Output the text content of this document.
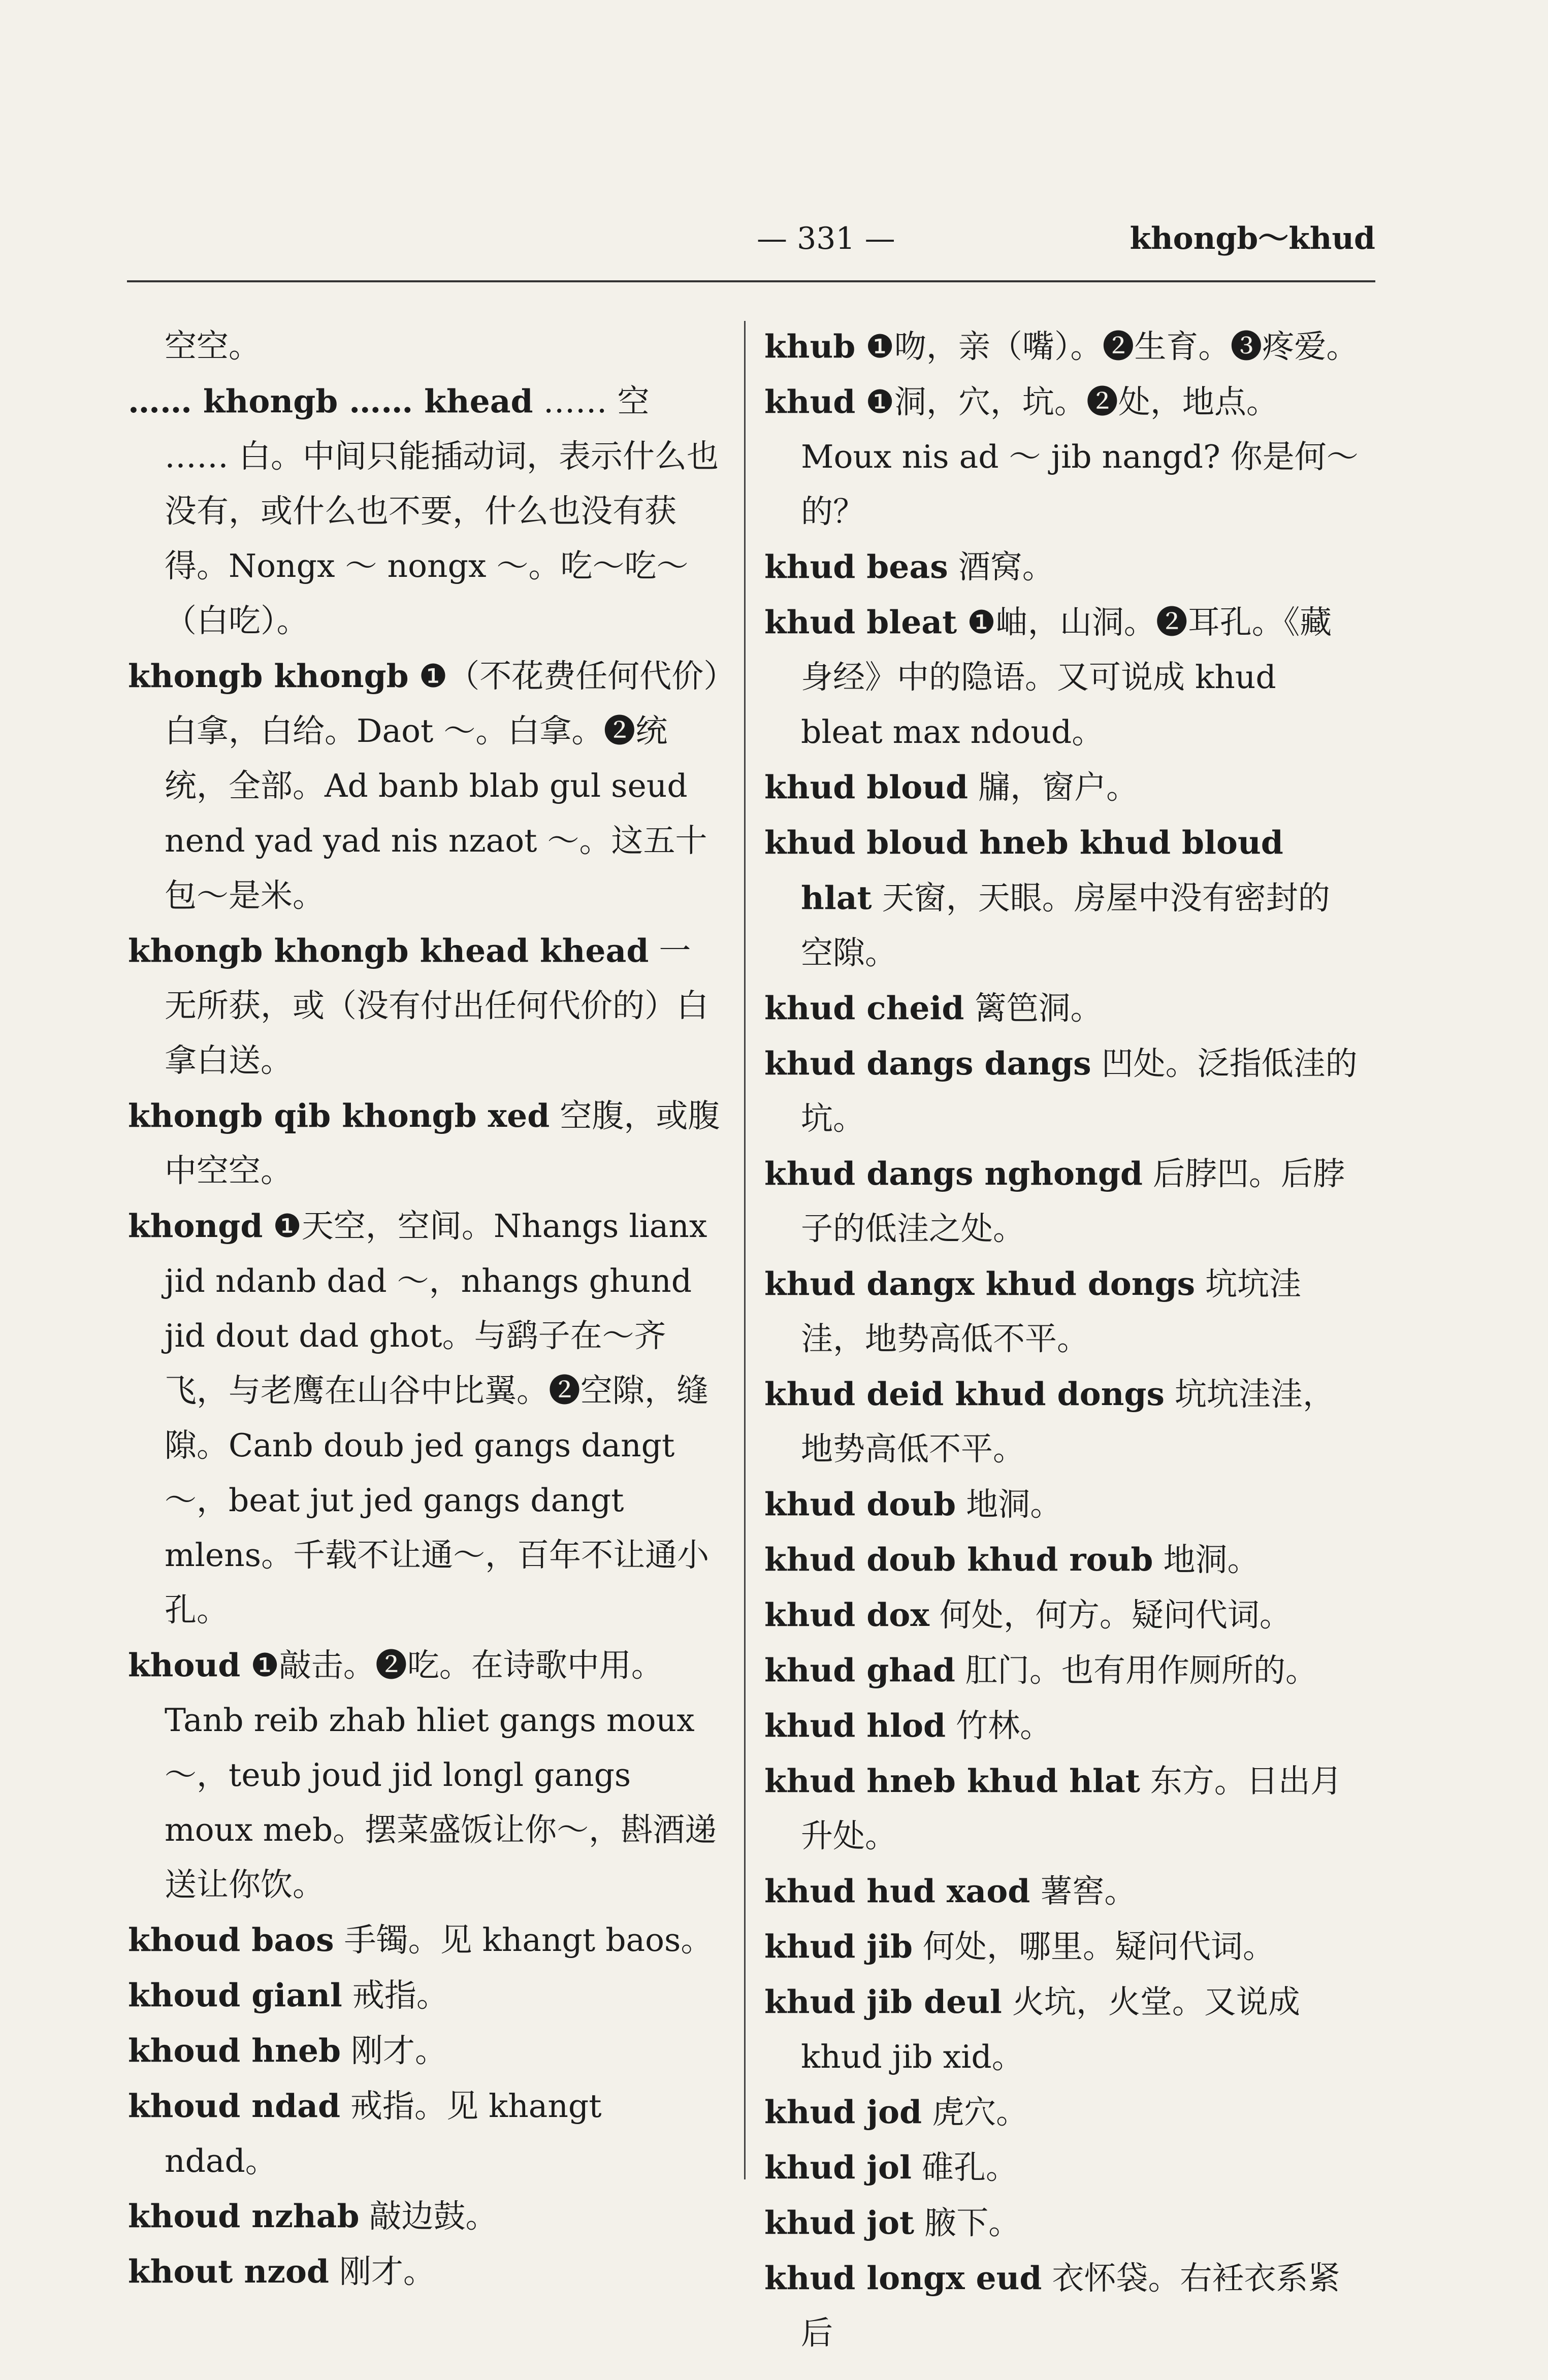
— 331 —	khongb～khud

空空。

…… khongb …… khead …… 空 …… 白。中间只能插动词，表示什么也没有，或什么也不要，什么也没有获得。Nongx ～ nongx ～。吃～吃～（白吃）。

khongb khongb ❶（不花费任何代价）白拿，白给。Daot ～。白拿。❷统统，全部。Ad banb blab gul seud nend yad yad nis nzaot ～。这五十包～是米。

khongb khongb khead khead 一无所获，或（没有付出任何代价的）白拿白送。

khongb qib khongb xed 空腹，或腹中空空。

khongd ❶天空，空间。Nhangs lianx jid ndanb dad ～，nhangs ghund jid dout dad ghot。与鹞子在～齐飞，与老鹰在山谷中比翼。❷空隙，缝隙。Canb doub jed gangs dangt ～，beat jut jed gangs dangt mlens。千载不让通～，百年不让通小孔。

khoud ❶敲击。❷吃。在诗歌中用。Tanb reib zhab hliet gangs moux ～，teub joud jid longl gangs moux meb。摆菜盛饭让你～，斟酒递送让你饮。

khoud baos 手镯。见 khangt baos。

khoud gianl 戒指。

khoud hneb 刚才。

khoud ndad 戒指。见 khangt ndad。

khoud nzhab 敲边鼓。

khout nzod 刚才。

khub ❶吻，亲（嘴）。❷生育。❸疼爱。

khud ❶洞，穴，坑。❷处，地点。Moux nis ad ～ jib nangd? 你是何～的？

khud beas 酒窝。

khud bleat ❶岫，山洞。❷耳孔。《藏身经》中的隐语。又可说成 khud bleat max ndoud。

khud bloud 牖，窗户。

khud bloud hneb khud bloud hlat 天窗，天眼。房屋中没有密封的空隙。

khud cheid 篱笆洞。

khud dangs dangs 凹处。泛指低洼的坑。

khud dangs nghongd 后脖凹。后脖子的低洼之处。

khud dangx khud dongs 坑坑洼洼，地势高低不平。

khud deid khud dongs 坑坑洼洼，地势高低不平。

khud doub 地洞。

khud doub khud roub 地洞。

khud dox 何处，何方。疑问代词。

khud ghad 肛门。也有用作厕所的。

khud hlod 竹林。

khud hneb khud hlat 东方。日出月升处。

khud hud xaod 薯窖。

khud jib 何处，哪里。疑问代词。

khud jib deul 火坑，火堂。又说成 khud jib xid。

khud jod 虎穴。

khud jol 碓孔。

khud jot 腋下。

khud longx eud 衣怀袋。右衽衣系紧后
